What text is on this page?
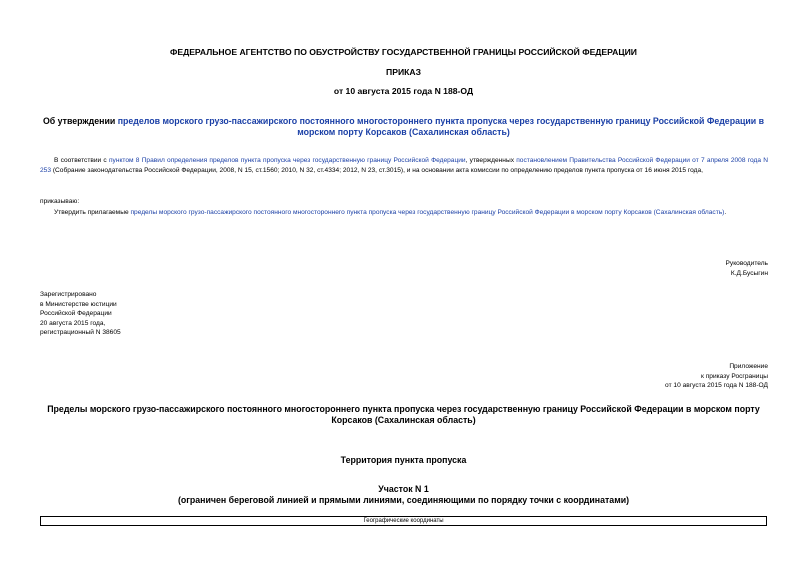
ФЕДЕРАЛЬНОЕ АГЕНТСТВО ПО ОБУСТРОЙСТВУ ГОСУДАРСТВЕННОЙ ГРАНИЦЫ РОССИЙСКОЙ ФЕДЕРАЦИИ
ПРИКАЗ
от 10 августа 2015 года N 188-ОД
Об утверждении пределов морского грузо-пассажирского постоянного многостороннего пункта пропуска через государственную границу Российской Федерации в морском порту Корсаков (Сахалинская область)
В соответствии с пунктом 8 Правил определения пределов пункта пропуска через государственную границу Российской Федерации, утвержденных постановлением Правительства Российской Федерации от 7 апреля 2008 года N 253 (Собрание законодательства Российской Федерации, 2008, N 15, ст.1560; 2010, N 32, ст.4334; 2012, N 23, ст.3015), и на основании акта комиссии по определению пределов пункта пропуска от 16 июня 2015 года,
приказываю:
Утвердить прилагаемые пределы морского грузо-пассажирского постоянного многостороннего пункта пропуска через государственную границу Российской Федерации в морском порту Корсаков (Сахалинская область).
Руководитель
К.Д.Бусыгин
Зарегистрировано
в Министерстве юстиции
Российской Федерации
20 августа 2015 года,
регистрационный N 38605
Приложение
к приказу Росграницы
от 10 августа 2015 года N 188-ОД
Пределы морского грузо-пассажирского постоянного многостороннего пункта пропуска через государственную границу Российской Федерации в морском порту Корсаков (Сахалинская область)
Территория пункта пропуска
Участок N 1
(ограничен береговой линией и прямыми линиями, соединяющими по порядку точки с координатами)
Географические координаты
